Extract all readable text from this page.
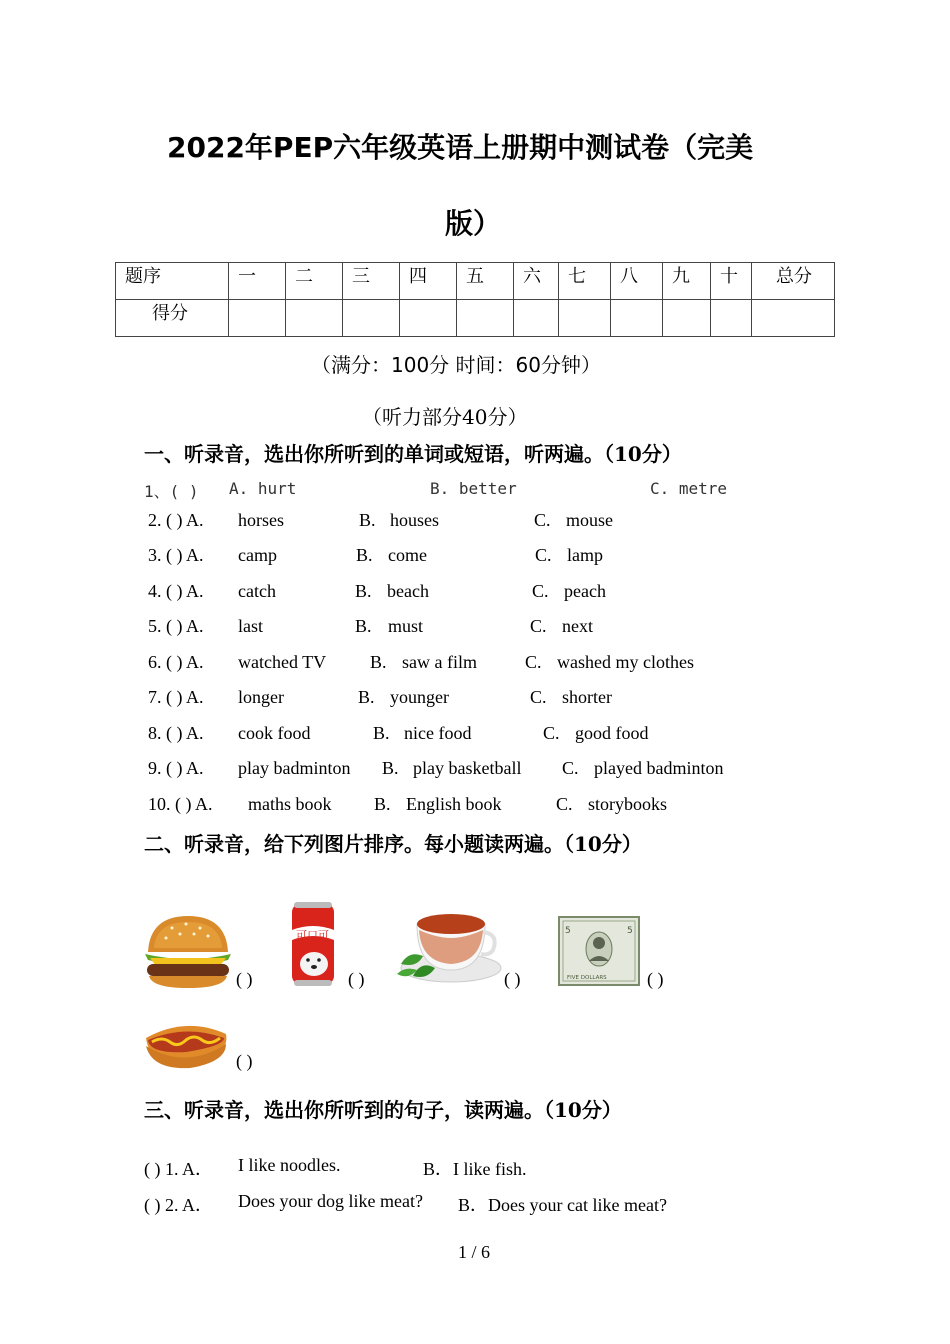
2022年PEP六年级英语上册期中测试卷（完美
版）
题序	一	二	三	四	五	六	七	八	九	十	总分
得分											
（满分：100分 时间：60分钟）
（听力部分40分）
一、听录音，选出你所听到的单词或短语，听两遍。（10分）
1、( ) A. hurt	B. better	C. metre
2. ( ) A. horses	B. houses	C. mouse
3. ( ) A. camp	B. come	C. lamp
4. ( ) A. catch	B. beach	C. peach
5. ( ) A. last	B. must	C. next
6. ( ) A. watched TV B. saw a film	C. washed my clothes
7. ( ) A. longer	B. younger	C. shorter
8. ( ) A. cook food	B. nice food	C. good food
9. ( ) A. play badminton B. play basketball C. played badminton
10. ( ) A. maths book B. English book	C. storybooks
二、听录音，给下列图片排序。每小题读两遍。（10分）
( )
可口可
( )	( )
5	5
FIVE DOLLARS ( )
( )
三、听录音，选出你所听到的句子，读两遍。（10分）
( ) 1. A． I like noodles.	B．I like fish.
( ) 2. A． Does your dog like meat? B．Does your cat like meat?
1 / 6
